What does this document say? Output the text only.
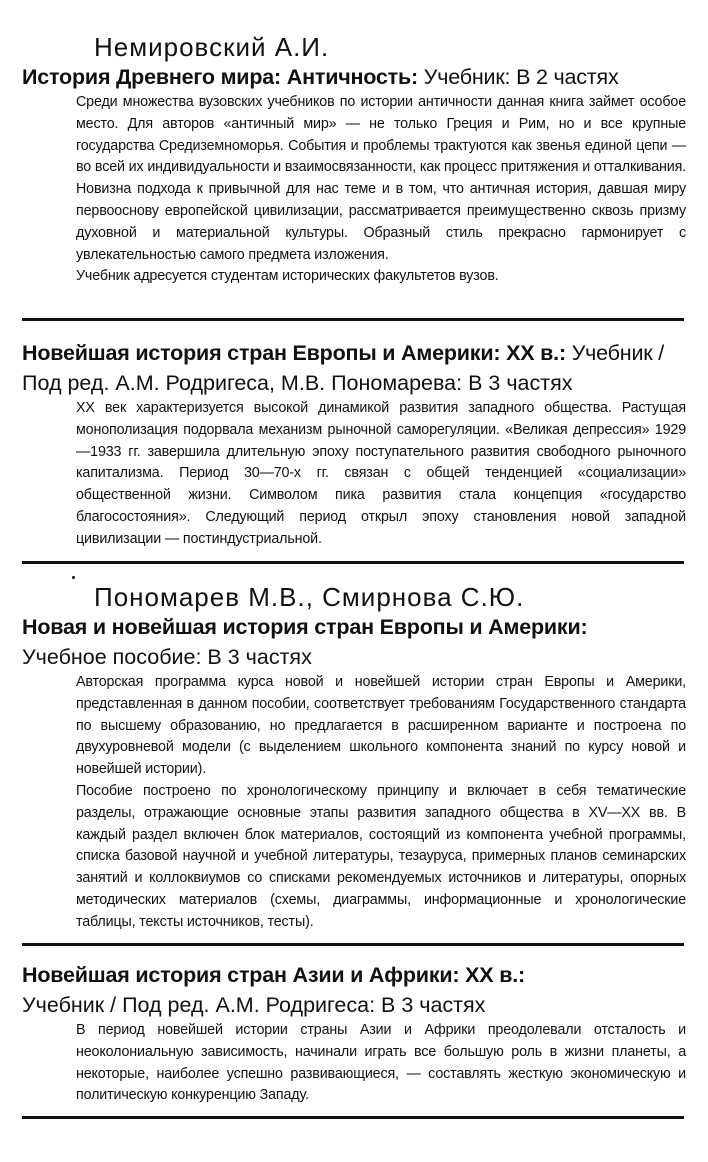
Немировский А.И.
История Древнего мира: Античность: Учебник: В 2 частях

Среди множества вузовских учебников по истории античности данная книга займет особое место. Для авторов «античный мир» — не только Греция и Рим, но и все крупные государства Средиземноморья. События и проблемы трактуются как звенья единой цепи — во всей их индивидуальности и взаимосвязанности, как процесс притяжения и отталкивания. Новизна подхода к привычной для нас теме и в том, что античная история, давшая миру первооснову европейской цивилизации, рассматривается преимущественно сквозь призму духовной и материальной культуры. Образный стиль прекрасно гармонирует с увлекательностью самого предмета изложения.

Учебник адресуется студентам исторических факультетов вузов.

Новейшая история стран Европы и Америки: XX в.: Учебник /
Под ред. А.М. Родригеса, М.В. Пономарева: В 3 частях

XX век характеризуется высокой динамикой развития западного общества. Растущая монополизация подорвала механизм рыночной саморегуляции. «Великая депрессия» 1929—1933 гг. завершила длительную эпоху поступательного развития свободного рыночного капитализма. Период 30—70-х гг. связан с общей тенденцией «социализации» общественной жизни. Символом пика развития стала концепция «государство благосостояния». Следующий период открыл эпоху становления новой западной цивилизации — постиндустриальной.

Пономарев М.В., Смирнова С.Ю.
Новая и новейшая история стран Европы и Америки:
Учебное пособие: В 3 частях

Авторская программа курса новой и новейшей истории стран Европы и Америки, представленная в данном пособии, соответствует требованиям Государственного стандарта по высшему образованию, но предлагается в расширенном варианте и построена по двухуровневой модели (с выделением школьного компонента знаний по курсу новой и новейшей истории).

Пособие построено по хронологическому принципу и включает в себя тематические разделы, отражающие основные этапы развития западного общества в XV—XX вв. В каждый раздел включен блок материалов, состоящий из компонента учебной программы, списка базовой научной и учебной литературы, тезауруса, примерных планов семинарских занятий и коллоквиумов со списками рекомендуемых источников и литературы, опорных методических материалов (схемы, диаграммы, информационные и хронологические таблицы, тексты источников, тесты).

Новейшая история стран Азии и Африки: XX в.:
Учебник / Под ред. А.М. Родригеса: В 3 частях

В период новейшей истории страны Азии и Африки преодолевали отсталость и неоколониальную зависимость, начинали играть все большую роль в жизни планеты, а некоторые, наиболее успешно развивающиеся, — составлять жесткую экономическую и политическую конкуренцию Западу.
